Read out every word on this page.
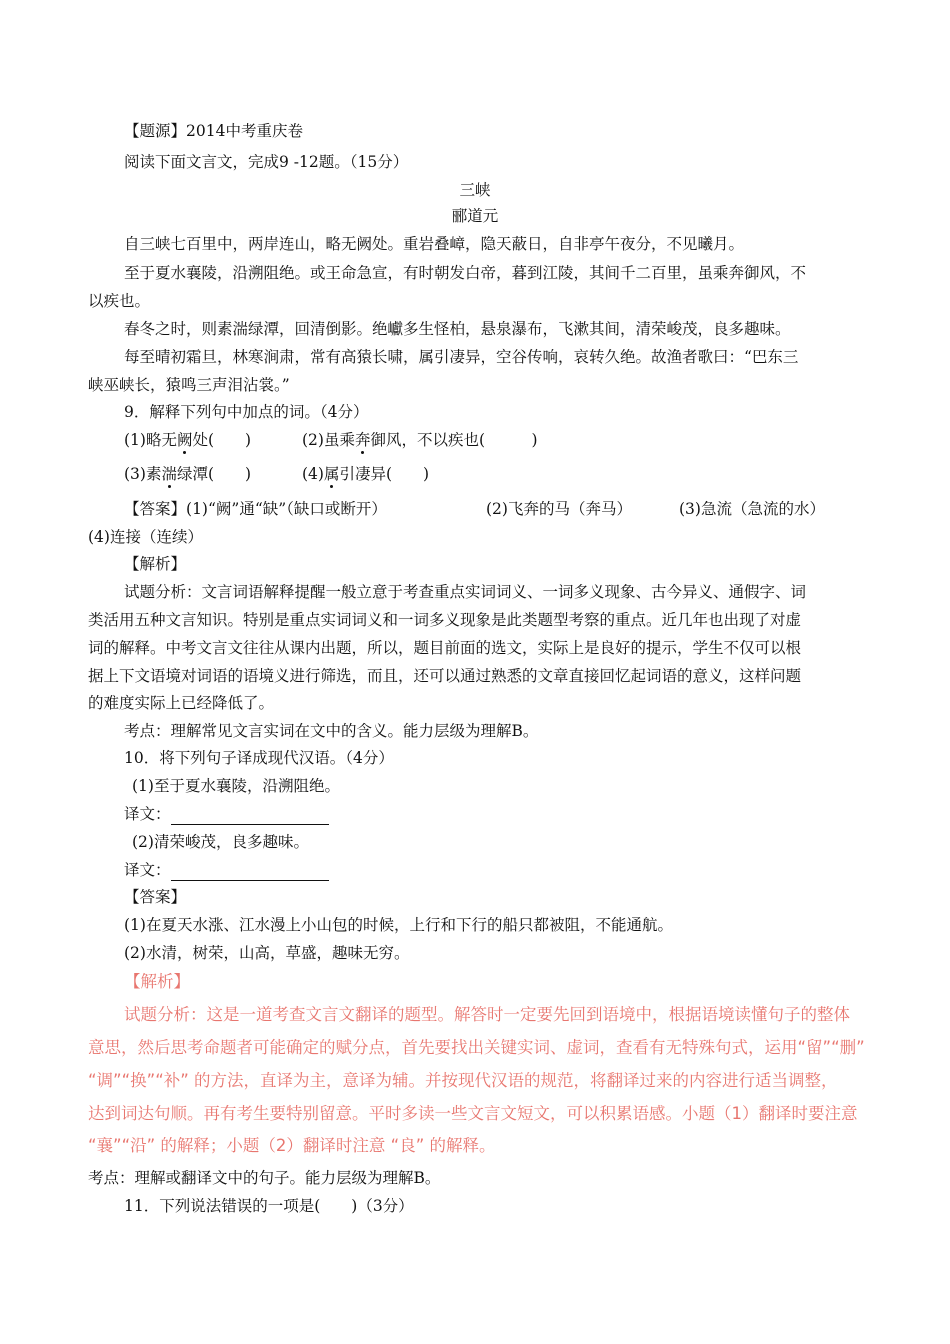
【题源】2014中考重庆卷
阅读下面文言文，完成9 -12题。（15分）
三峡
郦道元
自三峡七百里中，两岸连山，略无阙处。重岩叠嶂，隐天蔽日，自非亭午夜分，不见曦月。
至于夏水襄陵，沿溯阻绝。或王命急宣，有时朝发白帝，暮到江陵，其间千二百里，虽乘奔御风，不
以疾也。
春冬之时，则素湍绿潭，回清倒影。绝巘多生怪柏，悬泉瀑布，飞漱其间，清荣峻茂，良多趣味。
每至晴初霜旦，林寒涧肃，常有高猿长啸，属引凄异，空谷传响，哀转久绝。故渔者歌曰：“巴东三
峡巫峡长，猿鸣三声泪沾裳。”
9．解释下列句中加点的词。（4分）
(1)略无阙处(　　)	(2)虽乘奔御风，不以疾也(　　　)
(3)素湍绿潭(　　)	(4)属引凄异(　　)
【答案】(1)“阙”通“缺”（缺口或断开）	(2)飞奔的马（奔马）	(3)急流（急流的水）
(4)连接（连续）
【解析】
试题分析：文言词语解释提醒一般立意于考查重点实词词义、一词多义现象、古今异义、通假字、词
类活用五种文言知识。特别是重点实词词义和一词多义现象是此类题型考察的重点。近几年也出现了对虚
词的解释。中考文言文往往从课内出题，所以，题目前面的选文，实际上是良好的提示，学生不仅可以根
据上下文语境对词语的语境义进行筛选，而且，还可以通过熟悉的文章直接回忆起词语的意义，这样问题
的难度实际上已经降低了。
考点：理解常见文言实词在文中的含义。能力层级为理解B。
10．将下列句子译成现代汉语。（4分）
(1)至于夏水襄陵，沿溯阻绝。
译文：
(2)清荣峻茂，良多趣味。
译文：
【答案】
(1)在夏天水涨、江水漫上小山包的时候，上行和下行的船只都被阻，不能通航。
(2)水清，树荣，山高，草盛，趣味无穷。
【解析】
试题分析：这是一道考查文言文翻译的题型。解答时一定要先回到语境中，根据语境读懂句子的整体
意思，然后思考命题者可能确定的赋分点，首先要找出关键实词、虚词，查看有无特殊句式，运用“留”“删”
“调”“换”“补” 的方法，直译为主，意译为辅。并按现代汉语的规范，将翻译过来的内容进行适当调整，
达到词达句顺。再有考生要特别留意。平时多读一些文言文短文，可以积累语感。小题（1）翻译时要注意
“襄”“沿” 的解释；小题（2）翻译时注意 “良” 的解释。
考点：理解或翻译文中的句子。能力层级为理解B。
11．下列说法错误的一项是(　　)（3分）
